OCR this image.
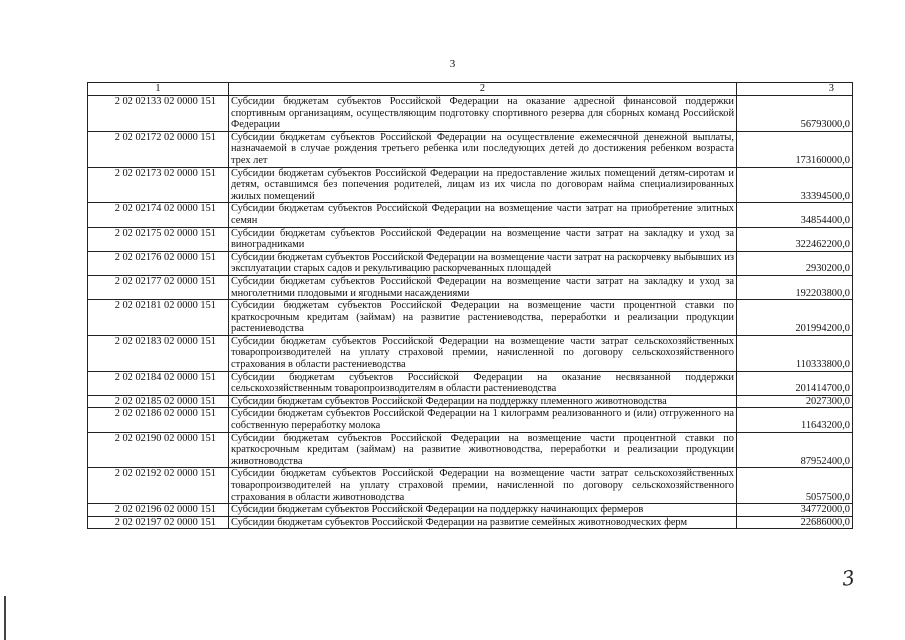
3
1	2	3
2 02 02133 02 0000 151	Субсидии бюджетам субъектов Российской Федерации на оказание адресной финансовой поддержки спортивным организациям, осуществляющим подготовку спортивного резерва для сборных команд Российской Федерации	56793000,0
2 02 02172 02 0000 151	Субсидии бюджетам субъектов Российской Федерации на осуществление ежемесячной денежной выплаты, назначаемой в случае рождения третьего ребенка или последующих детей до достижения ребенком возраста трех лет	173160000,0
2 02 02173 02 0000 151	Субсидии бюджетам субъектов Российской Федерации на предоставление жилых помещений детям-сиротам и детям, оставшимся без попечения родителей, лицам из их числа по договорам найма специализированных жилых помещений	33394500,0
2 02 02174 02 0000 151	Субсидии бюджетам субъектов Российской Федерации на возмещение части затрат на приобретение элитных семян	34854400,0
2 02 02175 02 0000 151	Субсидии бюджетам субъектов Российской Федерации на возмещение части затрат на закладку и уход за виноградниками	322462200,0
2 02 02176 02 0000 151	Субсидии бюджетам субъектов Российской Федерации на возмещение части затрат на раскорчевку выбывших из эксплуатации старых садов и рекультивацию раскорчеванных площадей	2930200,0
2 02 02177 02 0000 151	Субсидии бюджетам субъектов Российской Федерации на возмещение части затрат на закладку и уход за многолетними плодовыми и ягодными насаждениями	192203800,0
2 02 02181 02 0000 151	Субсидии бюджетам субъектов Российской Федерации на возмещение части процентной ставки по краткосрочным кредитам (займам) на развитие растениеводства, переработки и реализации продукции растениеводства	201994200,0
2 02 02183 02 0000 151	Субсидии бюджетам субъектов Российской Федерации на возмещение части затрат сельскохозяйственных товаропроизводителей на уплату страховой премии, начисленной по договору сельскохозяйственного страхования в области растениеводства	110333800,0
2 02 02184 02 0000 151	Субсидии бюджетам субъектов Российской Федерации на оказание несвязанной поддержки сельскохозяйственным товаропроизводителям в области растениеводства	201414700,0
2 02 02185 02 0000 151	Субсидии бюджетам субъектов Российской Федерации на поддержку племенного животноводства	2027300,0
2 02 02186 02 0000 151	Субсидии бюджетам субъектов Российской Федерации на 1 килограмм реализованного и (или) отгруженного на собственную переработку молока	11643200,0
2 02 02190 02 0000 151	Субсидии бюджетам субъектов Российской Федерации на возмещение части процентной ставки по краткосрочным кредитам (займам) на развитие животноводства, переработки и реализации продукции животноводства	87952400,0
2 02 02192 02 0000 151	Субсидии бюджетам субъектов Российской Федерации на возмещение части затрат сельскохозяйственных товаропроизводителей на уплату страховой премии, начисленной по договору сельскохозяйственного страхования в области животноводства	5057500,0
2 02 02196 02 0000 151	Субсидии бюджетам субъектов Российской Федерации на поддержку начинающих фермеров	34772000,0
2 02 02197 02 0000 151	Субсидии бюджетам субъектов Российской Федерации на развитие семейных животноводческих ферм	22686000,0
3
